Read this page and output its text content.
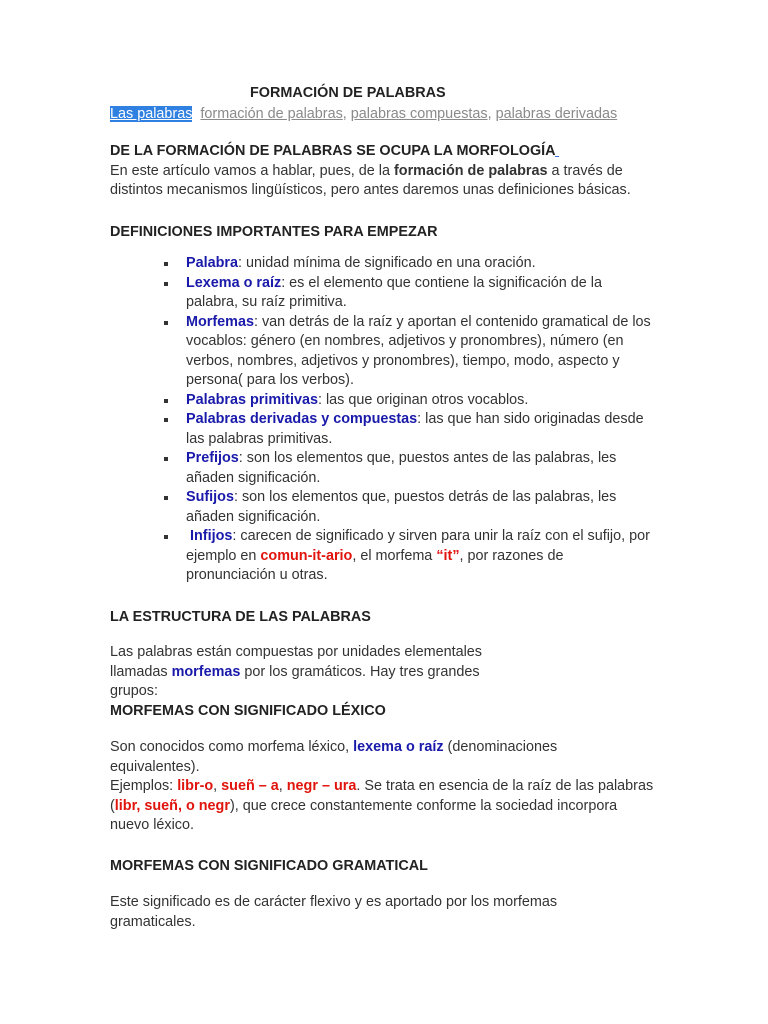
FORMACIÓN DE PALABRAS
Las palabras formación de palabras, palabras compuestas, palabras derivadas
DE LA FORMACIÓN DE PALABRAS SE OCUPA LA MORFOLOGÍA

En este artículo vamos a hablar, pues, de la formación de palabras a través de distintos mecanismos lingüísticos, pero antes daremos unas definiciones básicas.

DEFINICIONES IMPORTANTES PARA EMPEZAR
Palabra: unidad mínima de significado en una oración.
Lexema o raíz: es el elemento que contiene la significación de la palabra, su raíz primitiva.
Morfemas: van detrás de la raíz y aportan el contenido gramatical de los vocablos: género (en nombres, adjetivos y pronombres), número (en verbos, nombres, adjetivos y pronombres), tiempo, modo, aspecto y persona( para los verbos).
Palabras primitivas: las que originan otros vocablos.
Palabras derivadas y compuestas: las que han sido originadas desde las palabras primitivas.
Prefijos: son los elementos que, puestos antes de las palabras, les añaden significación.
Sufijos: son los elementos que, puestos detrás de las palabras, les añaden significación.
Infijos: carecen de significado y sirven para unir la raíz con el sufijo, por ejemplo en comun-it-ario, el morfema “it”, por razones de pronunciación u otras.
LA ESTRUCTURA DE LAS PALABRAS

Las palabras están compuestas por unidades elementales llamadas morfemas por los gramáticos. Hay tres grandes grupos:

MORFEMAS CON SIGNIFICADO LÉXICO

Son conocidos como morfema léxico, lexema o raíz (denominaciones equivalentes).

Ejemplos: libr-o, sueñ – a, negr – ura. Se trata en esencia de la raíz de las palabras (libr, sueñ, o negr), que crece constantemente conforme la sociedad incorpora nuevo léxico.

MORFEMAS CON SIGNIFICADO GRAMATICAL

Este significado es de carácter flexivo y es aportado por los morfemas gramaticales.
